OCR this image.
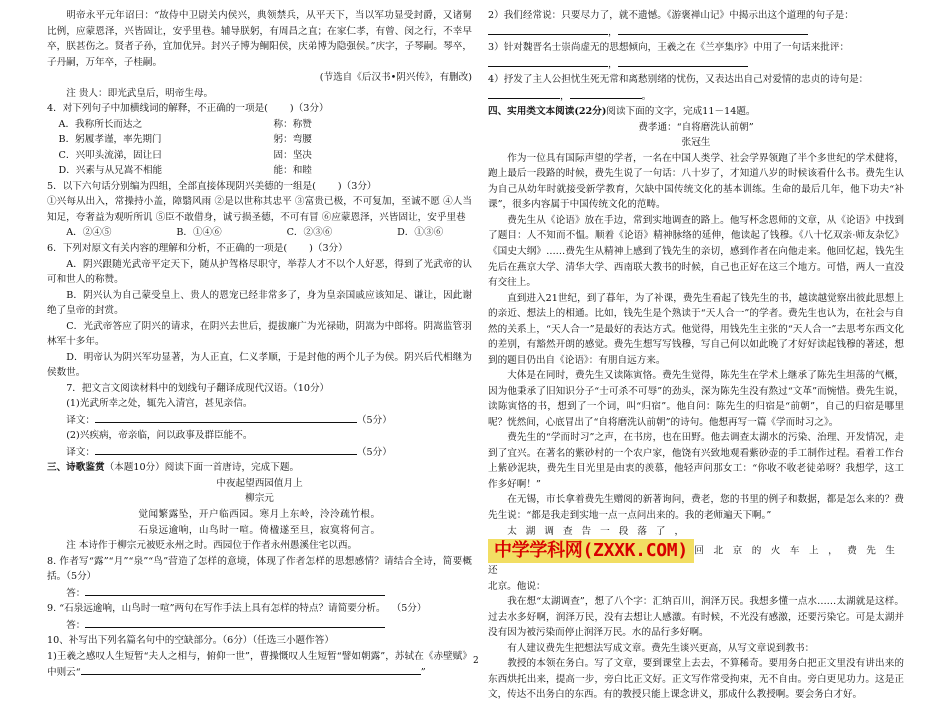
明帝永平元年诏曰：“故侍中卫尉关内侯兴，典领禁兵，从平天下，当以军功显受封爵，又诸舅比例，应蒙恩泽，兴皆固让，安乎里巷。辅导朕躬，有周昌之直；在家仁孝，有曾、闵之行，不幸早卒，朕甚伤之。贤者子孙，宜加优异。封兴子博为鲖阳侯，庆弟博为隐强侯。”庆字，子琴嗣。琴卒，子丹嗣，万年卒，子桂嗣。

(节选自《后汉书•阴兴传》，有删改)

注 贵人：即光武皇后，明帝生母。

4．对下列句子中加横线词的解释，不正确的一项是( )（3分）

A．我称所长而达之	称：称赞

B．躬履孝谨，率先期门	躬：弯腰

C．兴叩头流涕，固让曰	固：坚决

D．兴素与从兄嵩不相能	能：和睦

5．以下六句话分别编为四组，全部直接体现阴兴美德的一组是( )（3分）

①兴每从出入，常操持小盖，障翳风雨 ②是以世称其忠平 ③富贵已极，不可复加，至诚不愿 ④人当知足，夸奢益为观听所讥 ⑤臣不敢借身，诚亏损圣德，不可有冒 ⑥应蒙恩泽，兴皆固让，安乎里巷

A．②④⑤	B．①④⑥	C．②③⑥	D．①③⑥

6．下列对原文有关内容的理解和分析，不正确的一项是( )（3分）

A．阴兴跟随光武帝平定天下，随从护驾格尽职守，举荐人才不以个人好恶，得到了光武帝的认可和世人的称赞。

B．阴兴认为自己蒙受皇上、贵人的恩宠已经非常多了，身为皇亲国戚应该知足、谦让，因此谢绝了皇帝的封赏。

C．光武帝答应了阴兴的请求，在阴兴去世后，提拔廉广为光禄勋，阴嵩为中郎将。阴嵩监管羽林军十多年。

D．明帝认为阴兴军功显著，为人正直，仁义孝顺，于是封他的两个儿子为侯。阴兴后代相继为侯数世。

7．把文言文阅读材料中的划线句子翻译成现代汉语。（10分）

(1)光武所幸之处，辄先入清宫，甚见亲信。

译文：	（5分）

(2)兴疾病，帝亲临，问以政事及群臣能不。

译文：	（5分）

三、诗歌鉴赏（本题10分）阅读下面一首唐诗，完成下题。

中夜起望西园值月上

柳宗元

觉闻繁露坠，开户临西园。寒月上东岭，泠泠疏竹根。

石泉远逾响，山鸟时一喧。倚楹遂至旦，寂寞将何言。

注 本诗作于柳宗元被贬永州之时。西园位于作者永州愚溪住宅以西。

8. 作者写“露”“月”“泉”“鸟”营造了怎样的意境，体现了作者怎样的思想感情？请结合全诗，简要概括。（5分）

答：

9. “石泉远逾响，山鸟时一喧”两句在写作手法上具有怎样的特点？请简要分析。 （5分）

答：

10、补写出下列名篇名句中的空缺部分。（6分）（任选三小题作答）

1)王羲之感叹人生短暂“夫人之相与，俯仰一世”，曹操慨叹人生短暂“譬如朝露”，苏轼在《赤壁赋》中则云“	”

2）我们经常说：只要尽力了，就不遗憾。《游褒禅山记》中揭示出这个道理的句子是：

，

3）针对魏晋名士崇尚虚无的思想倾向，王羲之在《兰亭集序》中用了一句话来批评：

，

4）抒发了主人公担忧生死无常和离愁别绪的忧伤，又表达出自己对爱情的忠贞的诗句是：

，	。

四、实用类文本阅读(22分)阅读下面的文字，完成11－14题。

费孝通：“自将磨洗认前朝”

张冠生

作为一位具有国际声望的学者，一名在中国人类学、社会学界领跑了半个多世纪的学术健将，跑上最后一段路的时候，费先生说了一句话：八十岁了，才知道八岁的时候该看什么书。费先生认为自己从幼年时就接受新学教育，欠缺中国传统文化的基本训练。生命的最后几年，他下功夫“补课”，很多内容属于中国传统文化的范畴。

费先生从《论语》放在手边，常到实地调查的路上。他写杯念恩师的文章，从《论语》中找到了题目：人不知而不愠。顺着《论语》精神脉络的延伸，他读起了钱穆。《八十忆双亲·师友杂忆》《国史大纲》……费先生从精神上感到了钱先生的亲切，感到作者在向他走来。他回忆起，钱先生先后在燕京大学、清华大学、西南联大教书的时候，自己也正好在这三个地方。可惜，两人一直没有交往上。

直到进入21世纪，到了暮年，为了补课，费先生看起了钱先生的书，越读越觉察出彼此思想上的亲近、想法上的相通。比如，钱先生是个熟读于“天人合一”的学者。费先生也认为，在社会与自然的关系上，“天人合一”是最好的表达方式。他觉得，用钱先生主张的“天人合一”去思考东西文化的差别，有豁然开朗的感觉。费先生想写写钱穆，写自己何以如此晚了才好好读起钱穆的著述，想到的题目仍出自《论语》：有朋自远方来。

大体是在同时，费先生又读陈寅恪。费先生觉得，陈先生在学术上继承了陈先生坦荡的气概，因为他秉承了旧知识分子“士可杀不可辱”的劲头，深为陈先生没有熬过“文革”而惋惜。费先生说，读陈寅恪的书，想到了一个词，叫“归宿”。他自问：陈先生的归宿是“前朝”，自己的归宿是哪里呢？恍然间，心底冒出了“自将磨洗认前朝”的诗句。他想再写一篇《学而时习之》。

费先生的“学而时习”之声，在书房，也在田野。他去调查太湖水的污染、治理、开发情况，走到了宜兴。在著名的紫砂村的一个农户家，他饶有兴致地观看紫砂壶的手工制作过程。看着工作台上紫砂泥块，费先生目光里是由衷的羡慕，他轻声问那女工：“你收不收老徒弟呀？我想学，这工作多好啊！”

在无锡，市长拿着费先生赠阅的新著询问，费老，您的书里的例子和数据，都是怎么来的？费先生说：“都是我走到实地一点一点问出来的。我的老师遍天下啊。”

太湖调查告一段落了，

中学学科网(ZXXK.COM) 回北京的火车上，费先生还

北京。他说：

我在想“太湖调查”，想了八个字：汇纳百川，润泽万民。我想多懂一点水……太湖就是这样。过去水多好啊，润泽万民，没有去想让人感激。有时候，不光没有感激，还要污染它。可是太湖并没有因为被污染而停止润泽万民。水的品行多好啊。

有人建议费先生把想法写成文章。费先生谈兴更高，从写文章说到教书：

教授的本领在务白。写了文章，要到课堂上去去，不算稀奇。要用务白把正文里没有讲出来的东西烘托出来，提高一步，旁白比正文好。正文写作常受拘束，无不自由。旁白更见功力。这是正文，传达不出务白的东西。有的教授只能上课念讲义，那成什么教授啊。要会务白才好。

2
